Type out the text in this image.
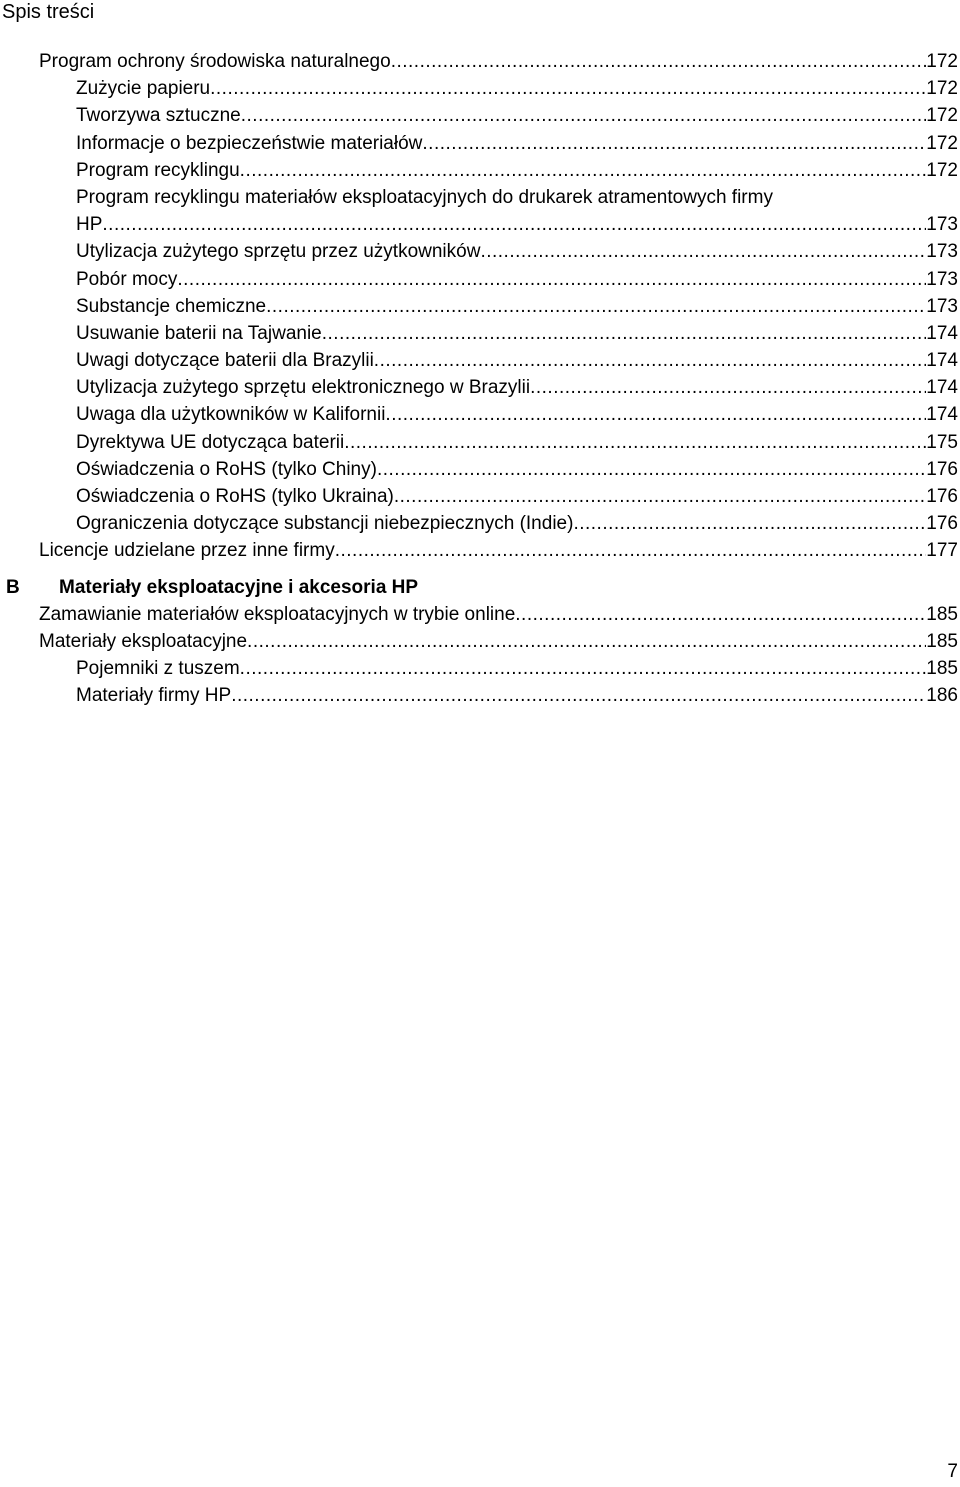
Spis treści
Program ochrony środowiska naturalnego .....	172
Zużycie papieru .....	172
Tworzywa sztuczne .....	172
Informacje o bezpieczeństwie materiałów .....	172
Program recyklingu .....	172
Program recyklingu materiałów eksploatacyjnych do drukarek atramentowych firmy
HP .....	173
Utylizacja zużytego sprzętu przez użytkowników .....	173
Pobór mocy .....	173
Substancje chemiczne .....	173
Usuwanie baterii na Tajwanie .....	174
Uwagi dotyczące baterii dla Brazylii .....	174
Utylizacja zużytego sprzętu elektronicznego w Brazylii .....	174
Uwaga dla użytkowników w Kalifornii .....	174
Dyrektywa UE dotycząca baterii .....	175
Oświadczenia o RoHS (tylko Chiny) .....	176
Oświadczenia o RoHS (tylko Ukraina) .....	176
Ograniczenia dotyczące substancji niebezpiecznych (Indie) .....	176
Licencje udzielane przez inne firmy .....	177
B	Materiały eksploatacyjne i akcesoria HP
Zamawianie materiałów eksploatacyjnych w trybie online .....	185
Materiały eksploatacyjne .....	185
Pojemniki z tuszem .....	185
Materiały firmy HP .....	186
7
